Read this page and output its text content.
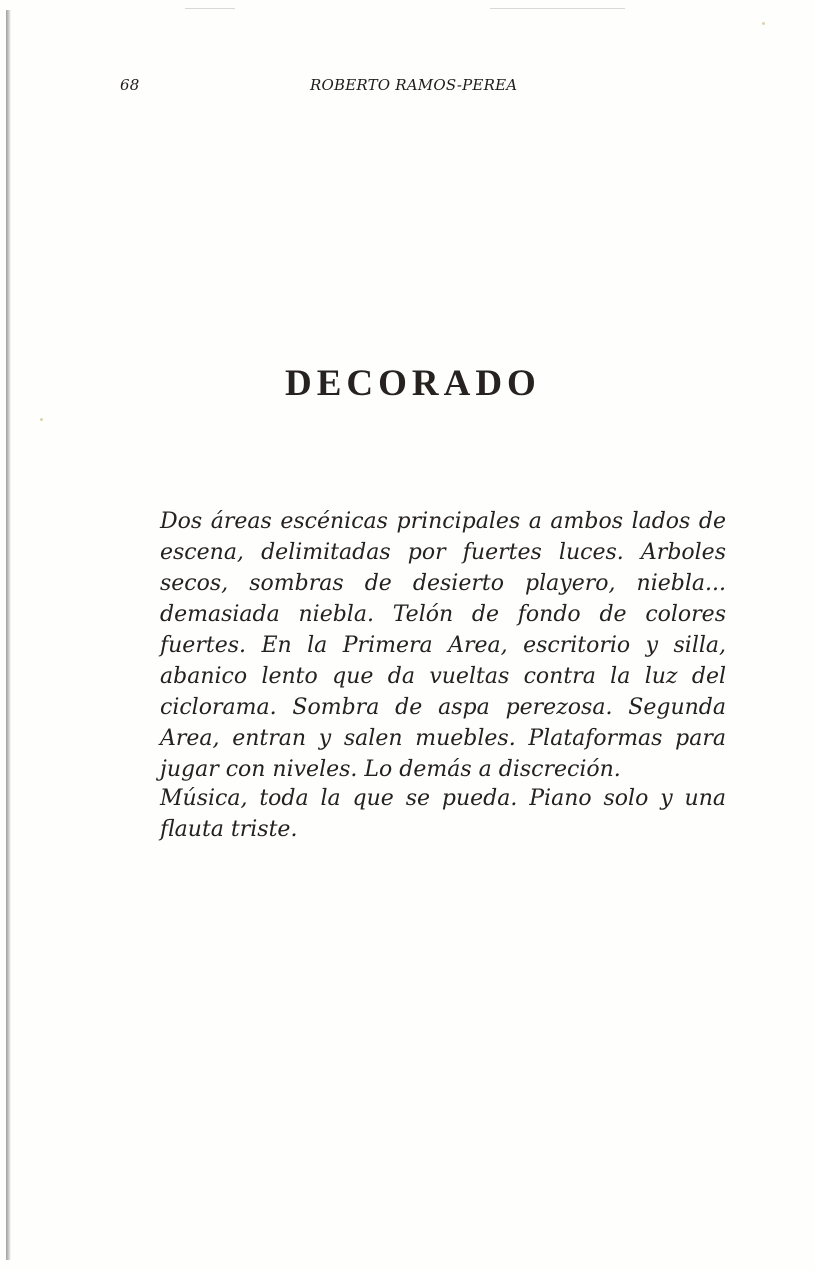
68	ROBERTO RAMOS-PEREA
DECORADO

Dos áreas escénicas principales a ambos lados de escena, delimitadas por fuertes luces. Arboles secos, sombras de desierto playero, niebla... demasiada niebla. Telón de fondo de colores fuertes. En la Primera Area, escritorio y silla, abanico lento que da vueltas contra la luz del ciclorama. Sombra de aspa perezosa. Segunda Area, entran y salen muebles. Plataformas para jugar con niveles. Lo demás a discreción.

Música, toda la que se pueda. Piano solo y una flauta triste.
